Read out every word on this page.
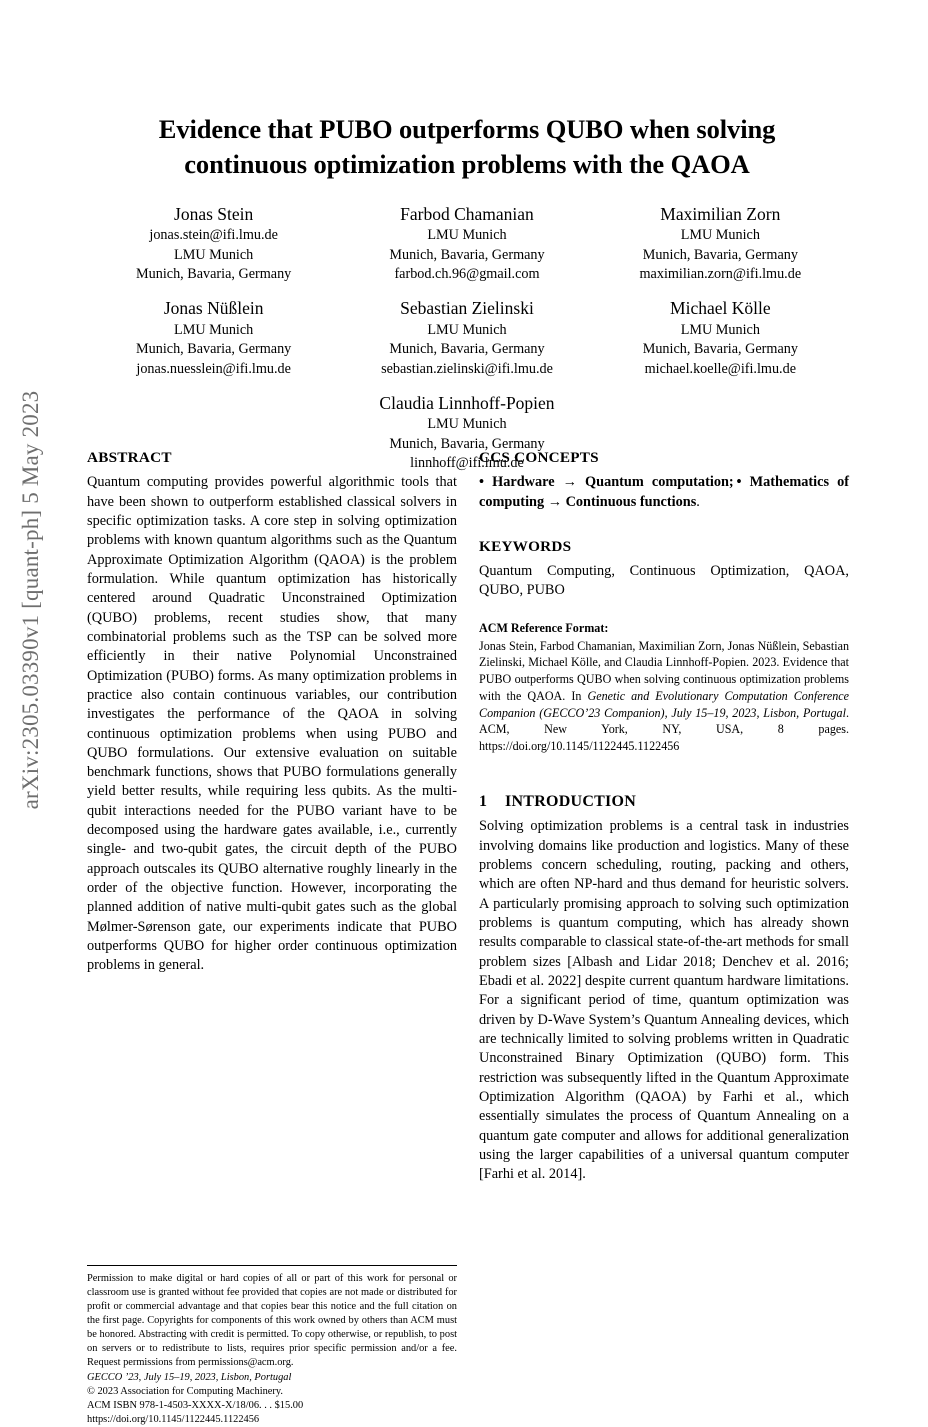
arXiv:2305.03390v1 [quant-ph] 5 May 2023
Evidence that PUBO outperforms QUBO when solving continuous optimization problems with the QAOA
Jonas Stein
jonas.stein@ifi.lmu.de
LMU Munich
Munich, Bavaria, Germany
Farbod Chamanian
LMU Munich
Munich, Bavaria, Germany
farbod.ch.96@gmail.com
Maximilian Zorn
LMU Munich
Munich, Bavaria, Germany
maximilian.zorn@ifi.lmu.de
Jonas Nüßlein
LMU Munich
Munich, Bavaria, Germany
jonas.nuesslein@ifi.lmu.de
Sebastian Zielinski
LMU Munich
Munich, Bavaria, Germany
sebastian.zielinski@ifi.lmu.de
Michael Kölle
LMU Munich
Munich, Bavaria, Germany
michael.koelle@ifi.lmu.de
Claudia Linnhoff-Popien
LMU Munich
Munich, Bavaria, Germany
linnhoff@ifi.lmu.de
ABSTRACT

Quantum computing provides powerful algorithmic tools that have been shown to outperform established classical solvers in specific optimization tasks. A core step in solving optimization problems with known quantum algorithms such as the Quantum Approximate Optimization Algorithm (QAOA) is the problem formulation. While quantum optimization has historically centered around Quadratic Unconstrained Optimization (QUBO) problems, recent studies show, that many combinatorial problems such as the TSP can be solved more efficiently in their native Polynomial Unconstrained Optimization (PUBO) forms. As many optimization problems in practice also contain continuous variables, our contribution investigates the performance of the QAOA in solving continuous optimization problems when using PUBO and QUBO formulations. Our extensive evaluation on suitable benchmark functions, shows that PUBO formulations generally yield better results, while requiring less qubits. As the multi-qubit interactions needed for the PUBO variant have to be decomposed using the hardware gates available, i.e., currently single- and two-qubit gates, the circuit depth of the PUBO approach outscales its QUBO alternative roughly linearly in the order of the objective function. However, incorporating the planned addition of native multi-qubit gates such as the global Mølmer-Sørenson gate, our experiments indicate that PUBO outperforms QUBO for higher order continuous optimization problems in general.

Permission to make digital or hard copies of all or part of this work for personal or classroom use is granted without fee provided that copies are not made or distributed for profit or commercial advantage and that copies bear this notice and the full citation on the first page. Copyrights for components of this work owned by others than ACM must be honored. Abstracting with credit is permitted. To copy otherwise, or republish, to post on servers or to redistribute to lists, requires prior specific permission and/or a fee. Request permissions from permissions@acm.org.

GECCO ’23, July 15–19, 2023, Lisbon, Portugal

© 2023 Association for Computing Machinery.

ACM ISBN 978-1-4503-XXXX-X/18/06. . . $15.00

https://doi.org/10.1145/1122445.1122456

CCS CONCEPTS

• Hardware → Quantum computation; • Mathematics of computing → Continuous functions.

KEYWORDS

Quantum Computing, Continuous Optimization, QAOA, QUBO, PUBO

ACM Reference Format:

Jonas Stein, Farbod Chamanian, Maximilian Zorn, Jonas Nüßlein, Sebastian Zielinski, Michael Kölle, and Claudia Linnhoff-Popien. 2023. Evidence that PUBO outperforms QUBO when solving continuous optimization problems with the QAOA. In Genetic and Evolutionary Computation Conference Companion (GECCO’23 Companion), July 15–19, 2023, Lisbon, Portugal. ACM, New York, NY, USA, 8 pages. https://doi.org/10.1145/1122445.1122456

1 INTRODUCTION

Solving optimization problems is a central task in industries involving domains like production and logistics. Many of these problems concern scheduling, routing, packing and others, which are often NP-hard and thus demand for heuristic solvers. A particularly promising approach to solving such optimization problems is quantum computing, which has already shown results comparable to classical state-of-the-art methods for small problem sizes [Albash and Lidar 2018; Denchev et al. 2016; Ebadi et al. 2022] despite current quantum hardware limitations. For a significant period of time, quantum optimization was driven by D-Wave System’s Quantum Annealing devices, which are technically limited to solving problems written in Quadratic Unconstrained Binary Optimization (QUBO) form. This restriction was subsequently lifted in the Quantum Approximate Optimization Algorithm (QAOA) by Farhi et al., which essentially simulates the process of Quantum Annealing on a quantum gate computer and allows for additional generalization using the larger capabilities of a universal quantum computer [Farhi et al. 2014].
